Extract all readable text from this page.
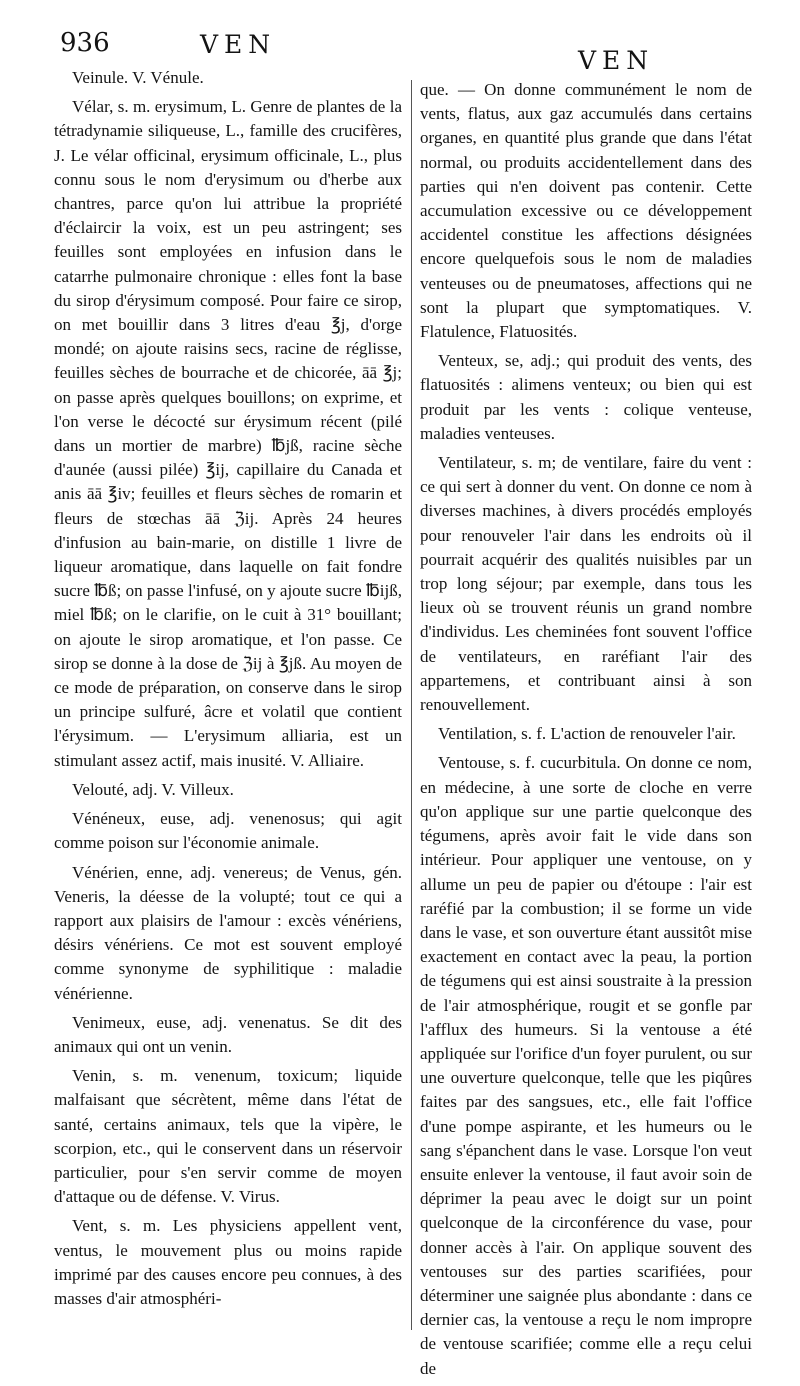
936	VEN
VEN

Veinule. V. Vénule.

Vélar, s. m. erysimum, L. Genre de plantes de la tétradynamie siliqueuse, L., famille des crucifères, J. Le vélar officinal, erysimum officinale, L., plus connu sous le nom d'erysimum ou d'herbe aux chantres, parce qu'on lui attribue la propriété d'éclaircir la voix, est un peu astringent; ses feuilles sont employées en infusion dans le catarrhe pulmonaire chronique : elles font la base du sirop d'érysimum composé. Pour faire ce sirop, on met bouillir dans 3 litres d'eau ℥j, d'orge mondé; on ajoute raisins secs, racine de réglisse, feuilles sèches de bourrache et de chicorée, āā ℥j; on passe après quelques bouillons; on exprime, et l'on verse le décocté sur érysimum récent (pilé dans un mortier de marbre) ℔jß, racine sèche d'aunée (aussi pilée) ℥ij, capillaire du Canada et anis āā ℥iv; feuilles et fleurs sèches de romarin et fleurs de stœchas āā ℨij. Après 24 heures d'infusion au bain-marie, on distille 1 livre de liqueur aromatique, dans laquelle on fait fondre sucre ℔ß; on passe l'infusé, on y ajoute sucre ℔ijß, miel ℔ß; on le clarifie, on le cuit à 31° bouillant; on ajoute le sirop aromatique, et l'on passe. Ce sirop se donne à la dose de ℨij à ℥jß. Au moyen de ce mode de préparation, on conserve dans le sirop un principe sulfuré, âcre et volatil que contient l'érysimum. — L'erysimum alliaria, est un stimulant assez actif, mais inusité. V. Alliaire.

Velouté, adj. V. Villeux.

Vénéneux, euse, adj. venenosus; qui agit comme poison sur l'économie animale.

Vénérien, enne, adj. venereus; de Venus, gén. Veneris, la déesse de la volupté; tout ce qui a rapport aux plaisirs de l'amour : excès vénériens, désirs vénériens. Ce mot est souvent employé comme synonyme de syphilitique : maladie vénérienne.

Venimeux, euse, adj. venenatus. Se dit des animaux qui ont un venin.

Venin, s. m. venenum, toxicum; liquide malfaisant que sécrètent, même dans l'état de santé, certains animaux, tels que la vipère, le scorpion, etc., qui le conservent dans un réservoir particulier, pour s'en servir comme de moyen d'attaque ou de défense. V. Virus.

Vent, s. m. Les physiciens appellent vent, ventus, le mouvement plus ou moins rapide imprimé par des causes encore peu connues, à des masses d'air atmosphéri-

que. — On donne communément le nom de vents, flatus, aux gaz accumulés dans certains organes, en quantité plus grande que dans l'état normal, ou produits accidentellement dans des parties qui n'en doivent pas contenir. Cette accumulation excessive ou ce développement accidentel constitue les affections désignées encore quelquefois sous le nom de maladies venteuses ou de pneumatoses, affections qui ne sont la plupart que symptomatiques. V. Flatulence, Flatuosités.

Venteux, se, adj.; qui produit des vents, des flatuosités : alimens venteux; ou bien qui est produit par les vents : colique venteuse, maladies venteuses.

Ventilateur, s. m; de ventilare, faire du vent : ce qui sert à donner du vent. On donne ce nom à diverses machines, à divers procédés employés pour renouveler l'air dans les endroits où il pourrait acquérir des qualités nuisibles par un trop long séjour; par exemple, dans tous les lieux où se trouvent réunis un grand nombre d'individus. Les cheminées font souvent l'office de ventilateurs, en raréfiant l'air des appartemens, et contribuant ainsi à son renouvellement.

Ventilation, s. f. L'action de renouveler l'air.

Ventouse, s. f. cucurbitula. On donne ce nom, en médecine, à une sorte de cloche en verre qu'on applique sur une partie quelconque des tégumens, après avoir fait le vide dans son intérieur. Pour appliquer une ventouse, on y allume un peu de papier ou d'étoupe : l'air est raréfié par la combustion; il se forme un vide dans le vase, et son ouverture étant aussitôt mise exactement en contact avec la peau, la portion de tégumens qui est ainsi soustraite à la pression de l'air atmosphérique, rougit et se gonfle par l'afflux des humeurs. Si la ventouse a été appliquée sur l'orifice d'un foyer purulent, ou sur une ouverture quelconque, telle que les piqûres faites par des sangsues, etc., elle fait l'office d'une pompe aspirante, et les humeurs ou le sang s'épanchent dans le vase. Lorsque l'on veut ensuite enlever la ventouse, il faut avoir soin de déprimer la peau avec le doigt sur un point quelconque de la circonférence du vase, pour donner accès à l'air. On applique souvent des ventouses sur des parties scarifiées, pour déterminer une saignée plus abondante : dans ce dernier cas, la ventouse a reçu le nom impropre de ventouse scarifiée; comme elle a reçu celui de
